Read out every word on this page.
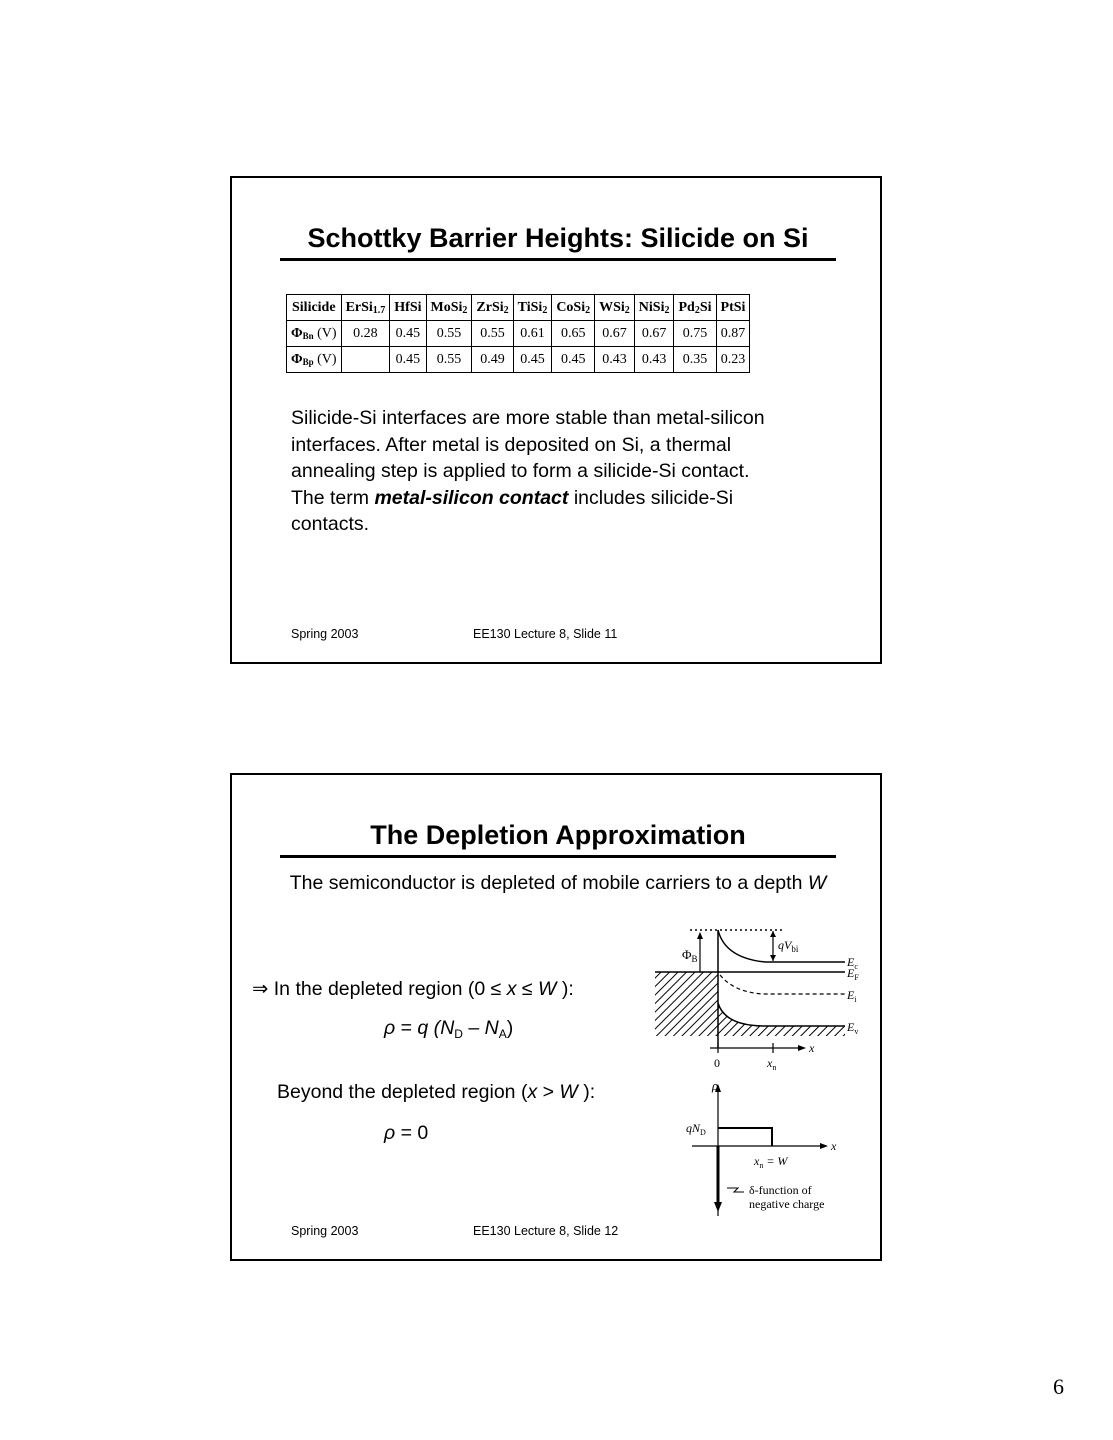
Schottky Barrier Heights: Silicide on Si
Silicide	ErSi$_{1.7}$	HfSi	MoSi$_2$	ZrSi$_2$	TiSi$_2$	CoSi$_2$	WSi$_2$	NiSi$_2$	$Pd_2Si$	PtSi
ΦBn (V)	0.28	0.45	0.55	0.55	0.61	0.65	0.67	0.67	0.75	0.87
ΦBp (V)		0.45	0.55	0.49	0.45	0.45	0.43	0.43	0.35	0.23
Silicide-Si interfaces are more stable than metal-silicon
interfaces. After metal is deposited on Si, a thermal
annealing step is applied to form a silicide-Si contact.
The term metal-silicon contact includes silicide-Si
contacts.
Spring 2003	EE130 Lecture 8, Slide 11
The Depletion Approximation
The semiconductor is depleted of mobile carriers to a depth W
⇒ In the depleted region (0 ≤ x ≤ W ):
ρ = q $(N_D - N_A)$
Beyond the depleted region (x > W ):
ρ = 0
$\Phi_B$
$qV_{bi}$
$E_c$
$E_F$
$E_i$
$E_v$
x
0	$x_n$
ρ
$qN_D$
x
$x_n = W$
δ-function of
negative charge
Spring 2003	EE130 Lecture 8, Slide 12
6
